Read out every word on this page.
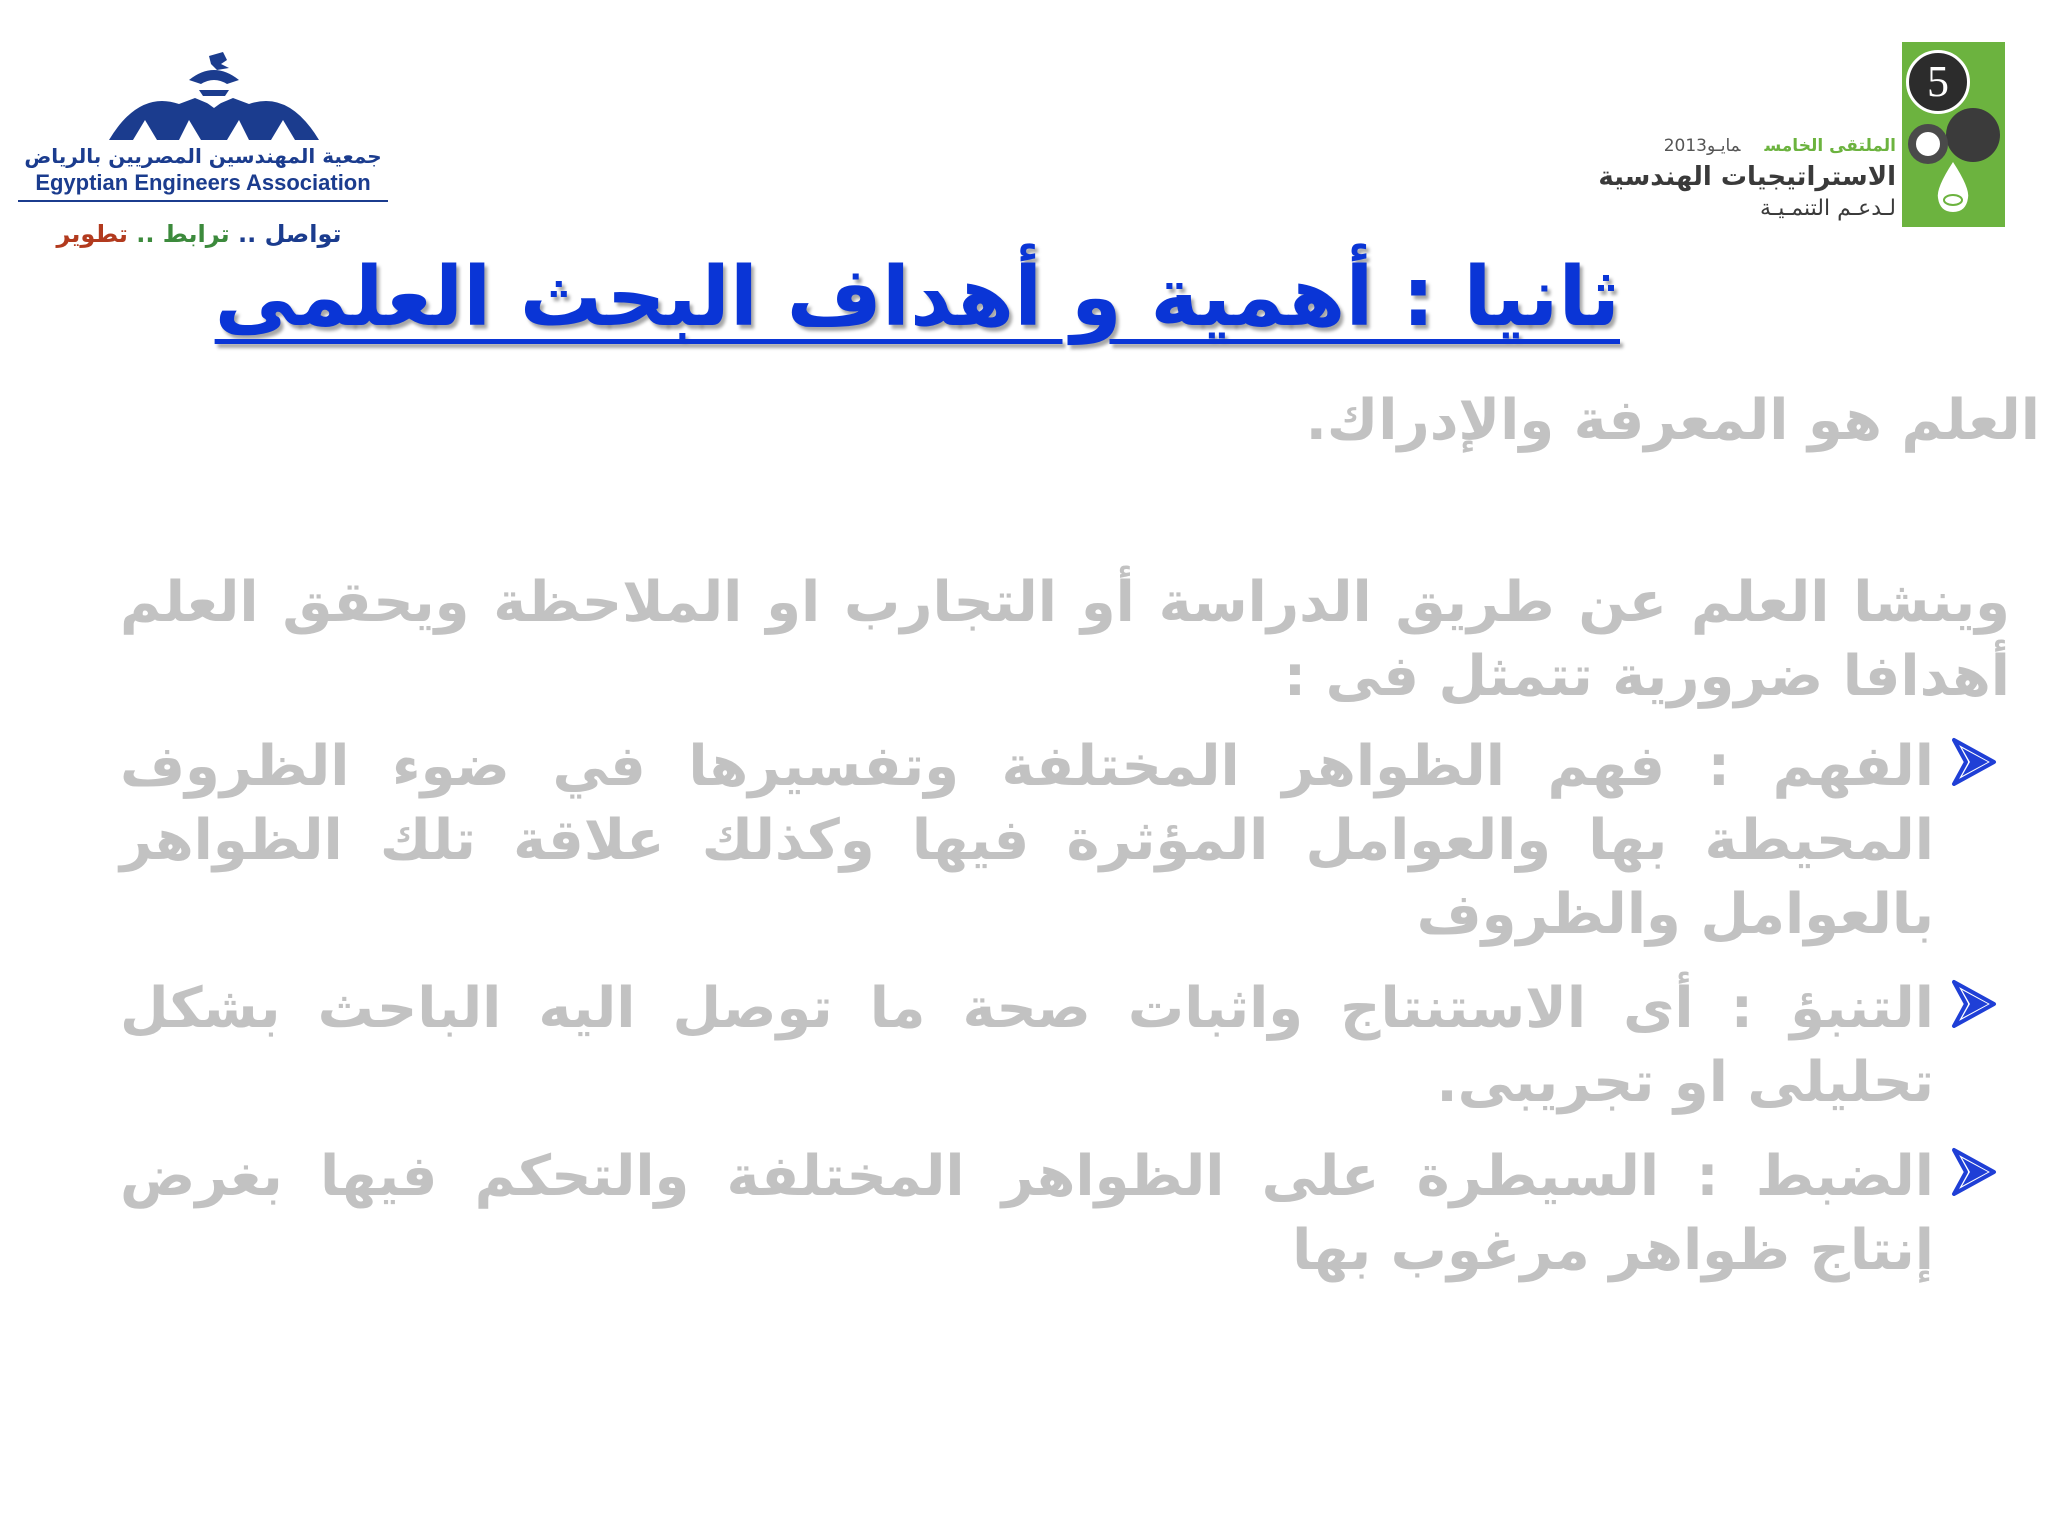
جمعية المهندسين المصريين بالرياض
Egyptian Engineers Association
تواصل .. ترابط .. تطوير
5
الملتقى الخامسمايـو2013
الاستراتيجيات الهندسية
لـدعـم التنمـيـة
ثانيا : أهمية و أهداف البحث العلمى
العلم هو المعرفة والإدراك.
وينشا العلم عن طريق الدراسة أو التجارب او الملاحظة ويحقق العلم أهدافا ضرورية تتمثل فى :
الفهم : فهم الظواهر المختلفة وتفسيرها في ضوء الظروف المحيطة بها والعوامل المؤثرة فيها وكذلك علاقة تلك الظواهر بالعوامل والظروف
التنبؤ : أى الاستنتاج واثبات صحة ما توصل اليه الباحث بشكل تحليلى او تجريبى.
الضبط : السيطرة على الظواهر المختلفة والتحكم فيها بغرض إنتاج ظواهر مرغوب بها
